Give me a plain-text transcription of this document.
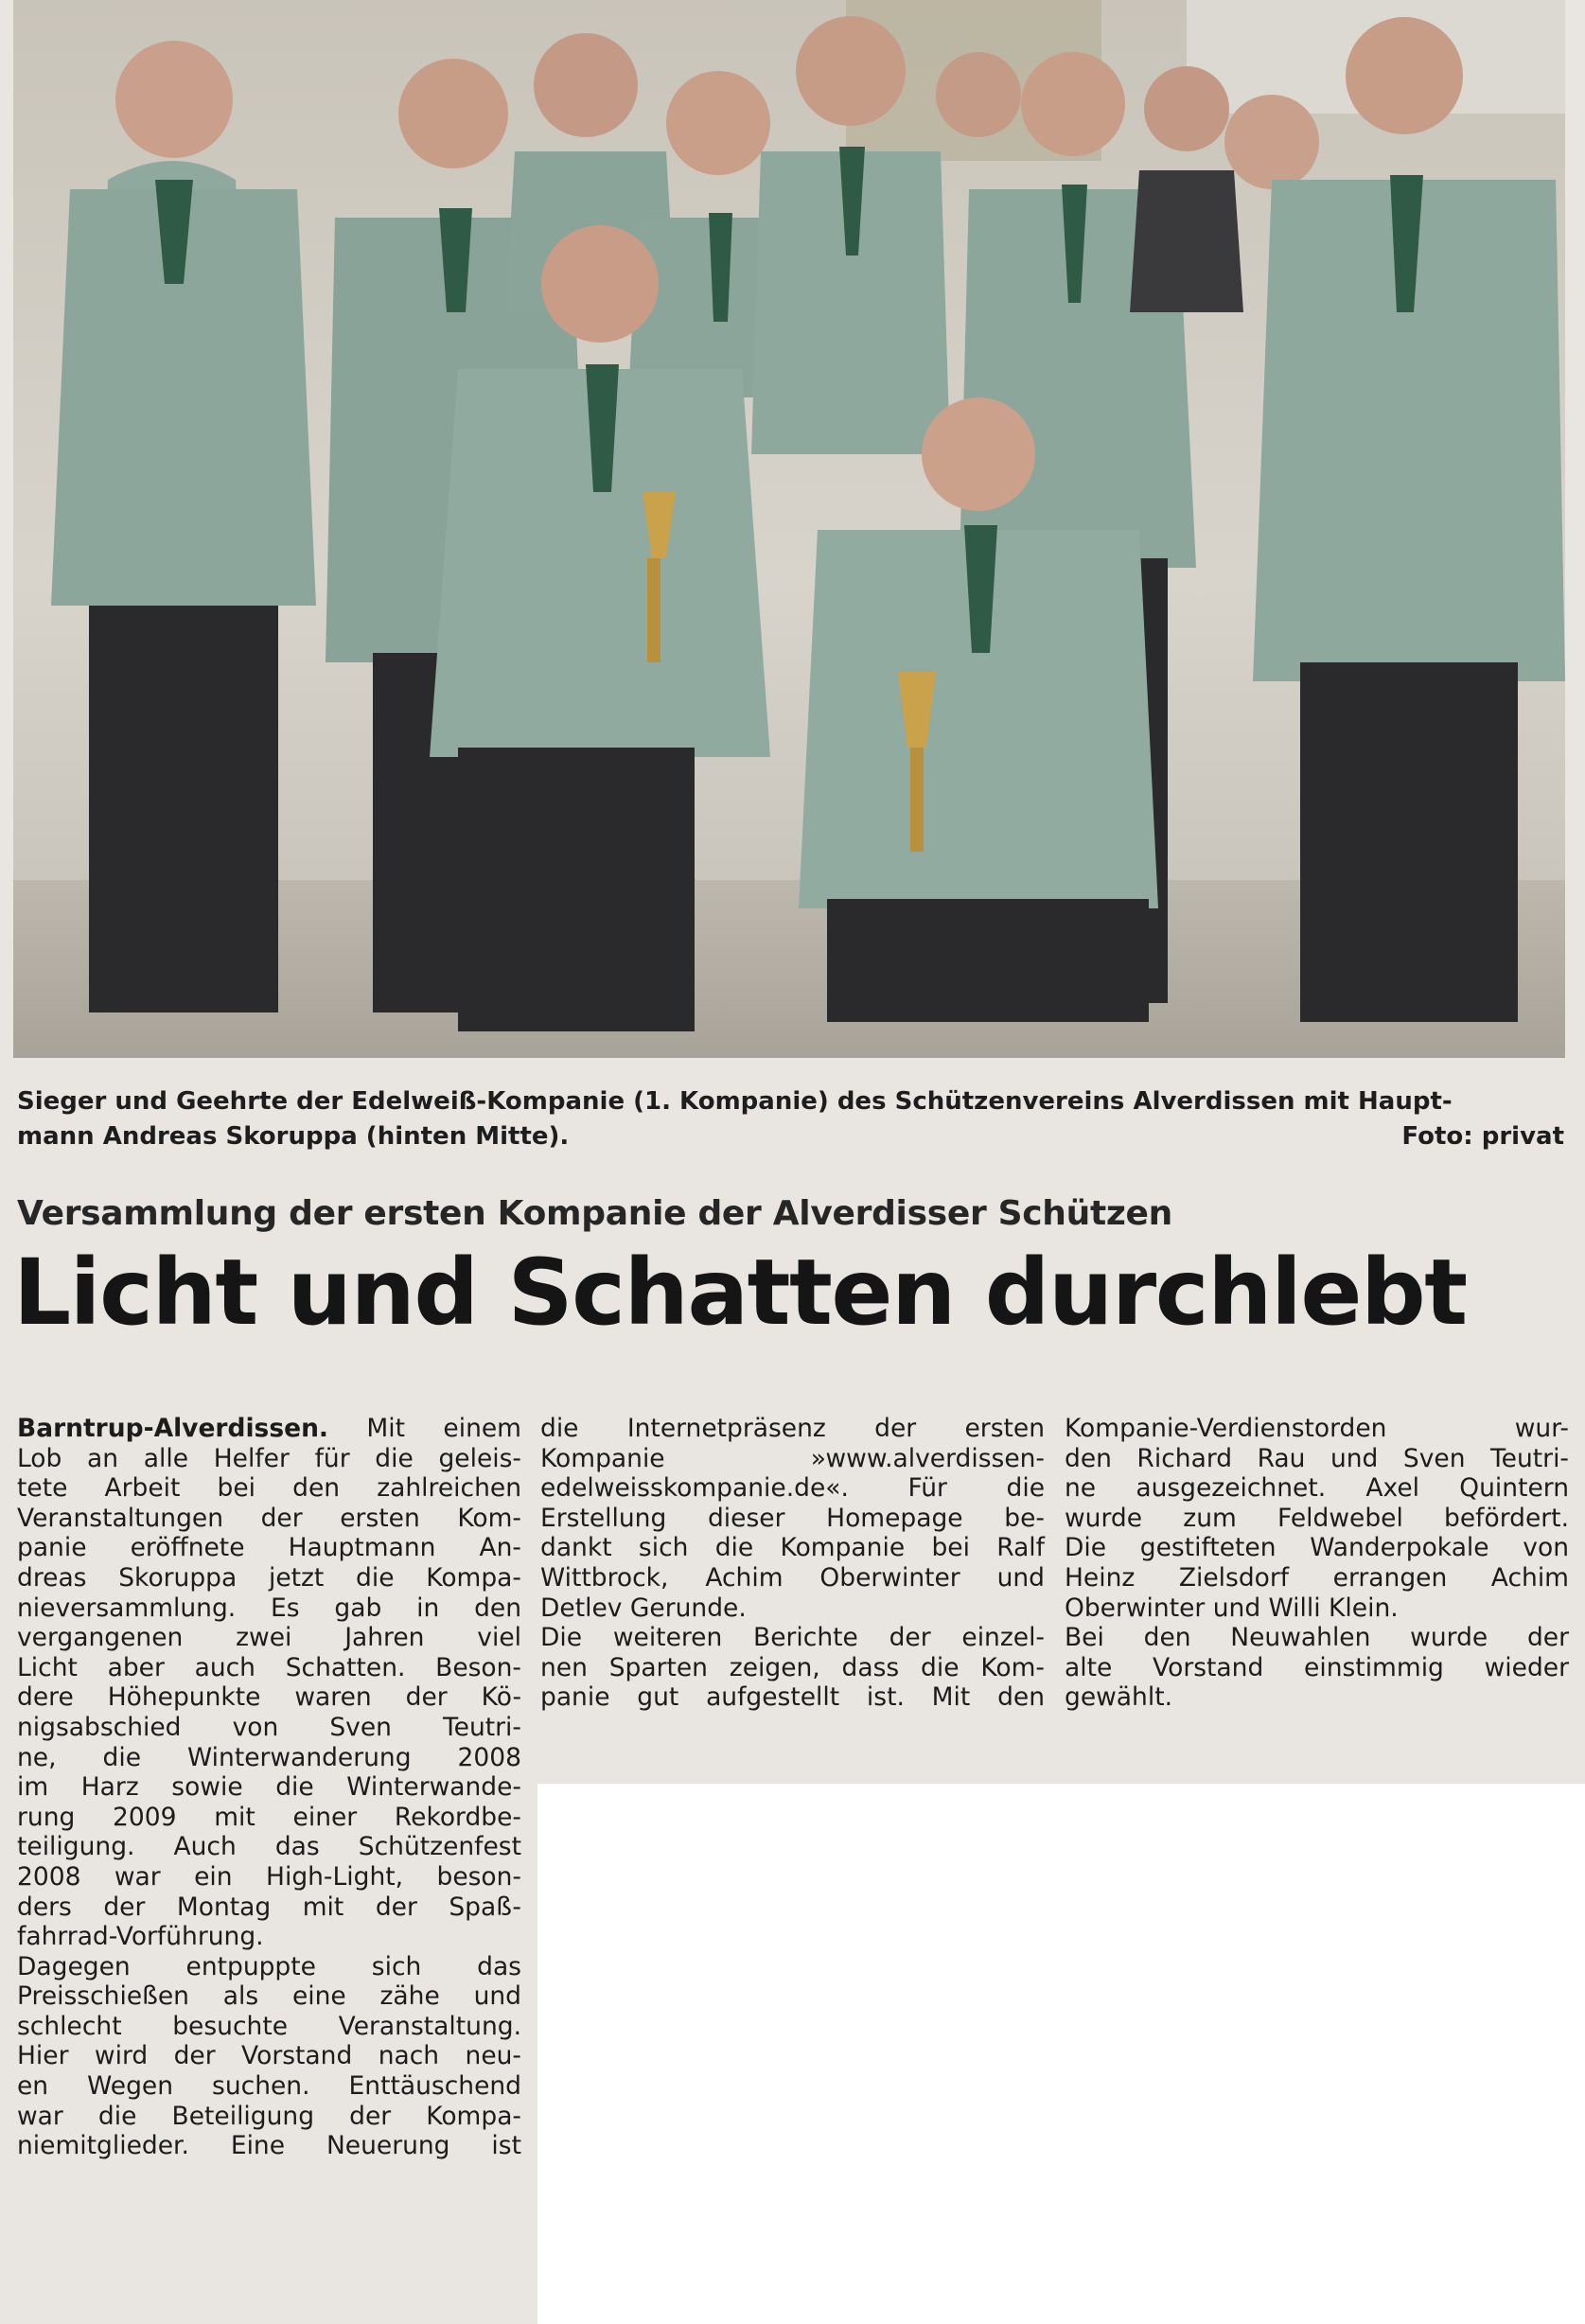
Sieger und Geehrte der Edelweiß-Kompanie (1. Kompanie) des Schützenvereins Alverdissen mit Haupt-
mann Andreas Skoruppa (hinten Mitte).	Foto: privat
Versammlung der ersten Kompanie der Alverdisser Schützen
Licht und Schatten durchlebt
Barntrup-Alverdissen. Mit einem
Lob an alle Helfer für die geleis-
tete Arbeit bei den zahlreichen
Veranstaltungen der ersten Kom-
panie eröffnete Hauptmann An-
dreas Skoruppa jetzt die Kompa-
nieversammlung. Es gab in den
vergangenen zwei Jahren viel
Licht aber auch Schatten. Beson-
dere Höhepunkte waren der Kö-
nigsabschied von Sven Teutri-
ne, die Winterwanderung 2008
im Harz sowie die Winterwande-
rung 2009 mit einer Rekordbe-
teiligung. Auch das Schützenfest
2008 war ein High-Light, beson-
ders der Montag mit der Spaß-
fahrrad-Vorführung.
Dagegen entpuppte sich das
Preisschießen als eine zähe und
schlecht besuchte Veranstaltung.
Hier wird der Vorstand nach neu-
en Wegen suchen. Enttäuschend
war die Beteiligung der Kompa-
niemitglieder. Eine Neuerung ist
die Internetpräsenz der ersten
Kompanie »www.alverdissen-
edelweisskompanie.de«. Für die
Erstellung dieser Homepage be-
dankt sich die Kompanie bei Ralf
Wittbrock, Achim Oberwinter und
Detlev Gerunde.
Die weiteren Berichte der einzel-
nen Sparten zeigen, dass die Kom-
panie gut aufgestellt ist. Mit den
Kompanie-Verdienstorden wur-
den Richard Rau und Sven Teutri-
ne ausgezeichnet. Axel Quintern
wurde zum Feldwebel befördert.
Die gestifteten Wanderpokale von
Heinz Zielsdorf errangen Achim
Oberwinter und Willi Klein.
Bei den Neuwahlen wurde der
alte Vorstand einstimmig wieder
gewählt.
